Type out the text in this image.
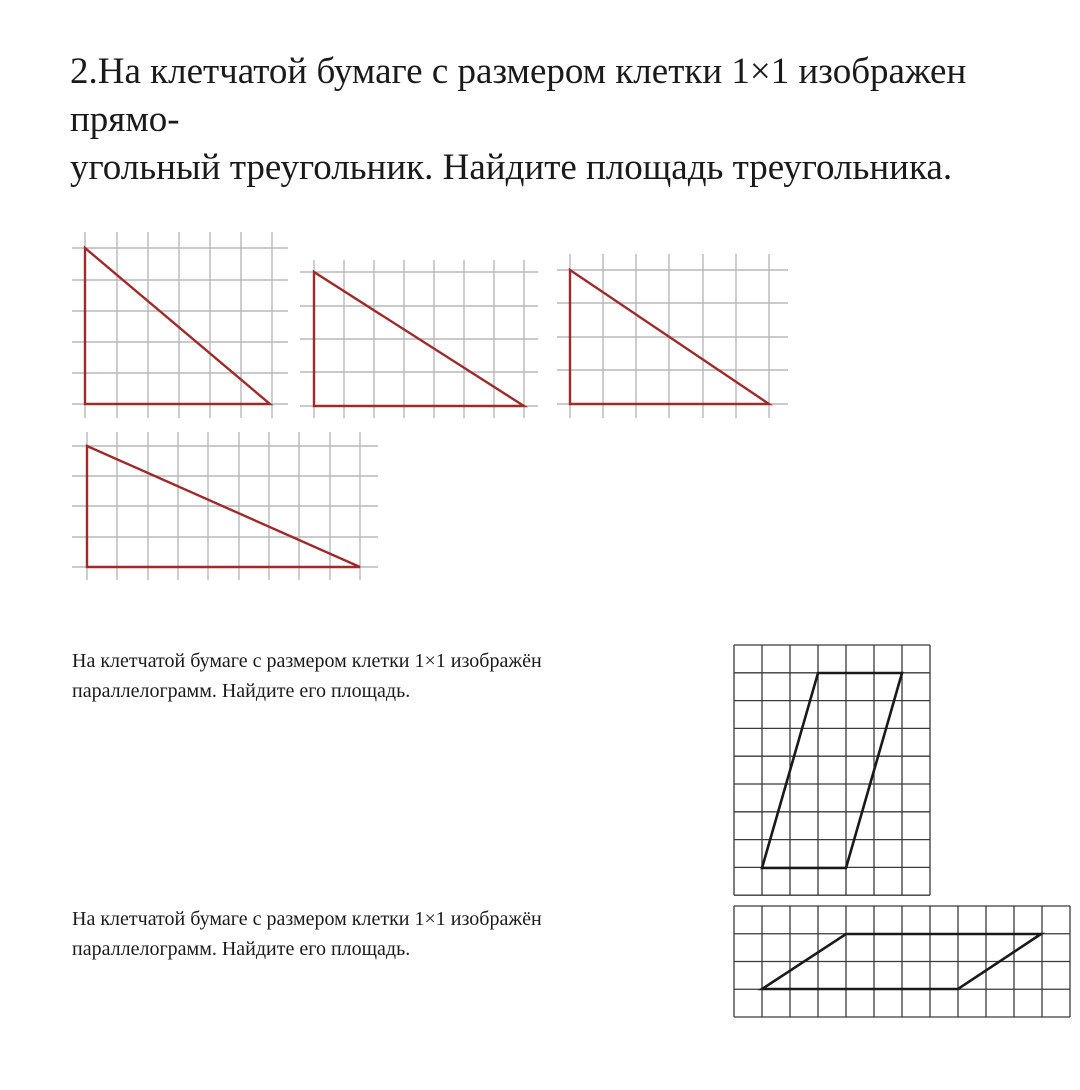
2.На клетчатой бумаге с размером клетки 1×1 изображен
прямо-
угольный треугольник. Найдите площадь треугольника.

На клетчатой бумаге с размером клетки 1×1 изображён
параллелограмм. Найдите его площадь.

На клетчатой бумаге с размером клетки 1×1 изображён
параллелограмм. Найдите его площадь.
